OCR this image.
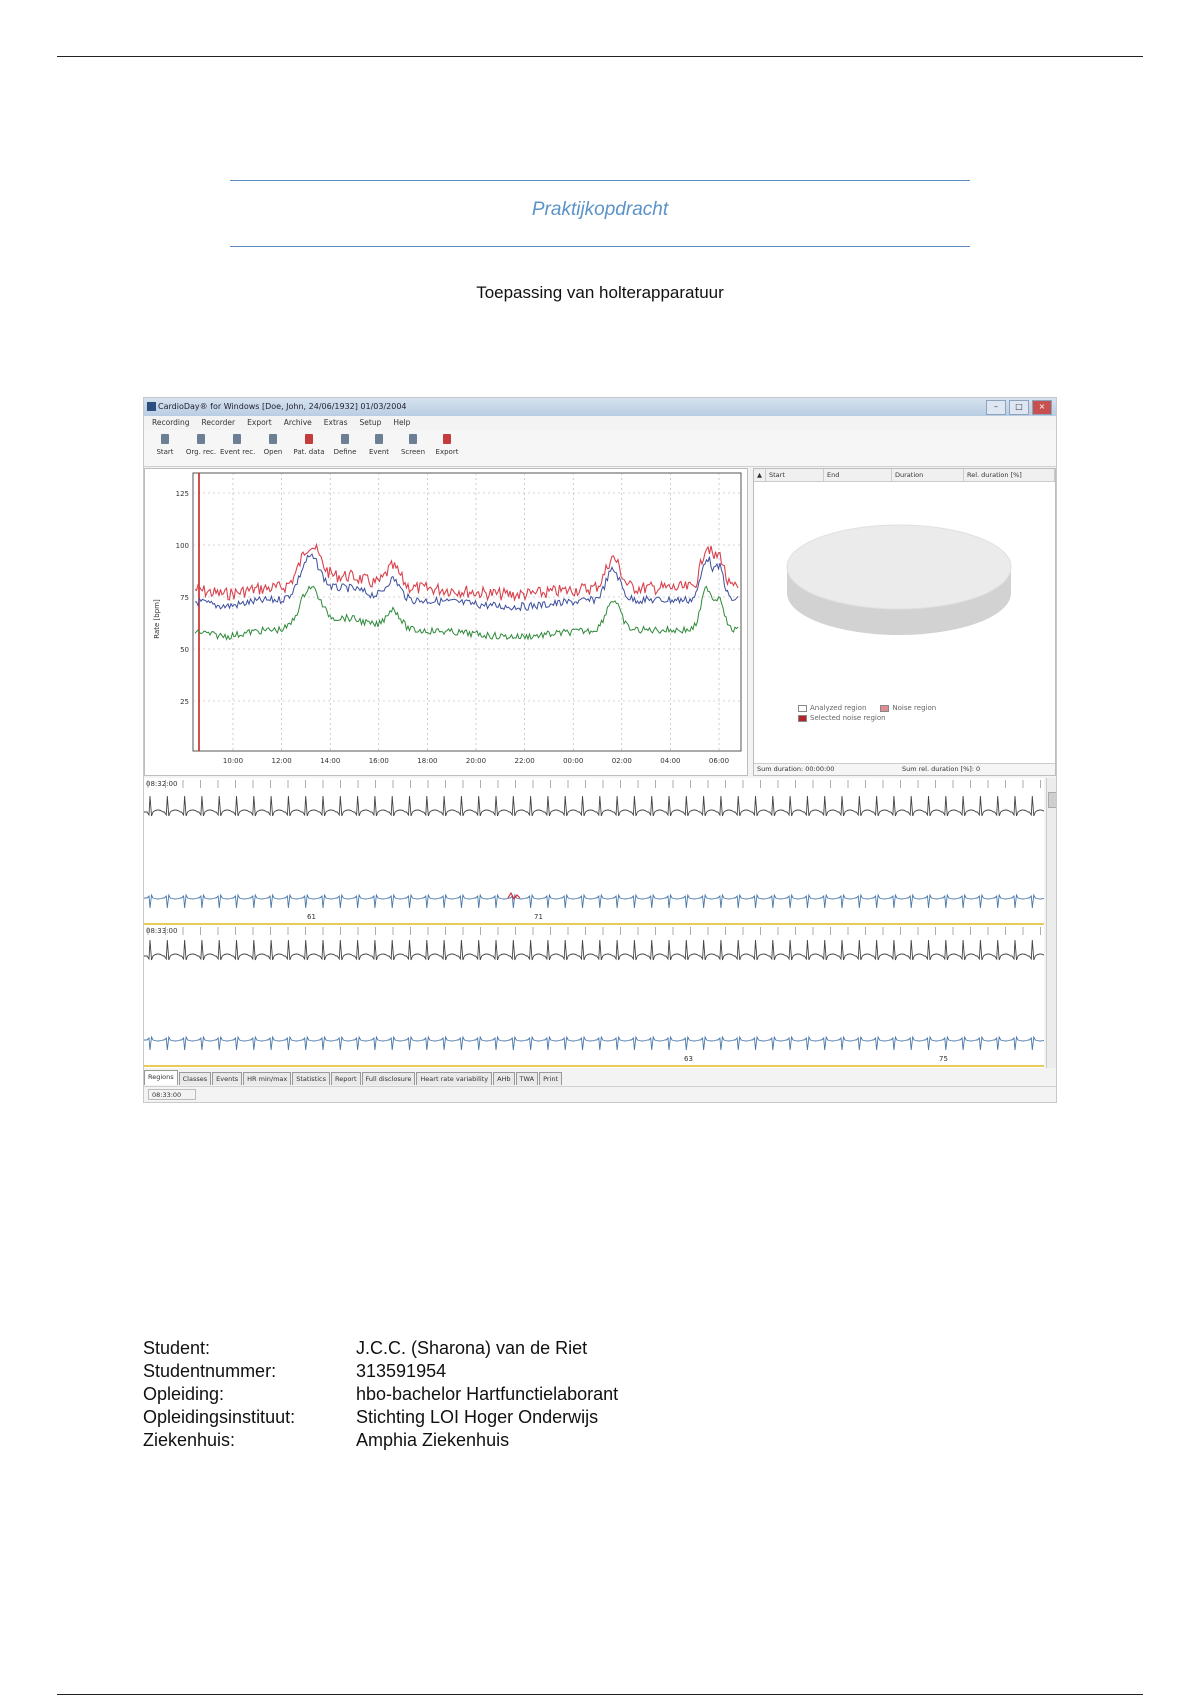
Praktijkopdracht
Toepassing van holterapparatuur
CardioDay® for Windows [Doe, John, 24/06/1932] 01/03/2004	–	□	×
Recording Recorder Export Archive Extras Setup Help
Start	Org. rec. Event rec.	Open	Pat. data	Define	Event	Screen	Export
125
100
75
50
25
10:00	12:00	14:00	16:00	18:00	20:00	22:00	00:00	02:00	04:00	06:00
Rate [bpm]
▲	Start	End	Duration	Rel. duration [%]
Analyzed region	Noise region
Selected noise region
Sum duration: 00:00:00	Sum rel. duration [%]: 0
08:32:00
61	71
08:33:00
63	75
Regions	Classes	Events	HR min/max	Statistics	Report	Full disclosure	Heart rate variability	AHb	TWA	Print
08:33:00
Student:	J.C.C. (Sharona) van de Riet
Studentnummer:	313591954
Opleiding:	hbo-bachelor Hartfunctielaborant
Opleidingsinstituut:	Stichting LOI Hoger Onderwijs
Ziekenhuis:	Amphia Ziekenhuis
